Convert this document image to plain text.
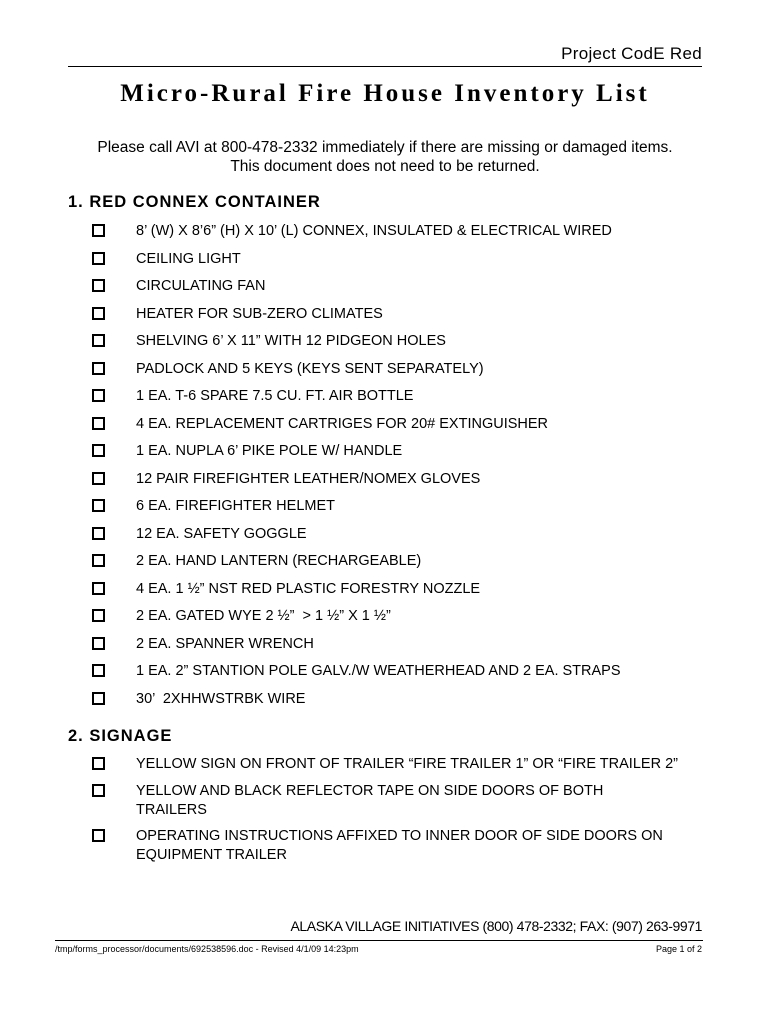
Project CodE Red
Micro-Rural Fire House Inventory List
Please call AVI at 800-478-2332 immediately if there are missing or damaged items.
This document does not need to be returned.
1. RED CONNEX CONTAINER
8’ (W) X 8’6” (H) X 10’ (L) CONNEX, INSULATED & ELECTRICAL WIRED
CEILING LIGHT
CIRCULATING FAN
HEATER FOR SUB-ZERO CLIMATES
SHELVING 6’ X 11” WITH 12 PIDGEON HOLES
PADLOCK AND 5 KEYS (KEYS SENT SEPARATELY)
1 EA. T-6 SPARE 7.5 CU. FT. AIR BOTTLE
4 EA. REPLACEMENT CARTRIGES FOR 20# EXTINGUISHER
1 EA. NUPLA 6’ PIKE POLE W/ HANDLE
12 PAIR FIREFIGHTER LEATHER/NOMEX GLOVES
6 EA. FIREFIGHTER HELMET
12 EA. SAFETY GOGGLE
2 EA. HAND LANTERN (RECHARGEABLE)
4 EA. 1 ½” NST RED PLASTIC FORESTRY NOZZLE
2 EA. GATED WYE 2 ½”  > 1 ½” X 1 ½”
2 EA. SPANNER WRENCH
1 EA. 2” STANTION POLE GALV./W WEATHERHEAD AND 2 EA. STRAPS
30’  2XHHWSTRBK WIRE
2. SIGNAGE
YELLOW SIGN ON FRONT OF TRAILER “FIRE TRAILER 1” OR “FIRE TRAILER 2”
YELLOW AND BLACK REFLECTOR TAPE ON SIDE DOORS OF BOTH TRAILERS
OPERATING INSTRUCTIONS AFFIXED TO INNER DOOR OF SIDE DOORS ON EQUIPMENT TRAILER
ALASKA VILLAGE INITIATIVES (800) 478-2332; FAX: (907) 263-9971
/tmp/forms_processor/documents/692538596.doc - Revised 4/1/09 14:23pm	Page 1 of 2
